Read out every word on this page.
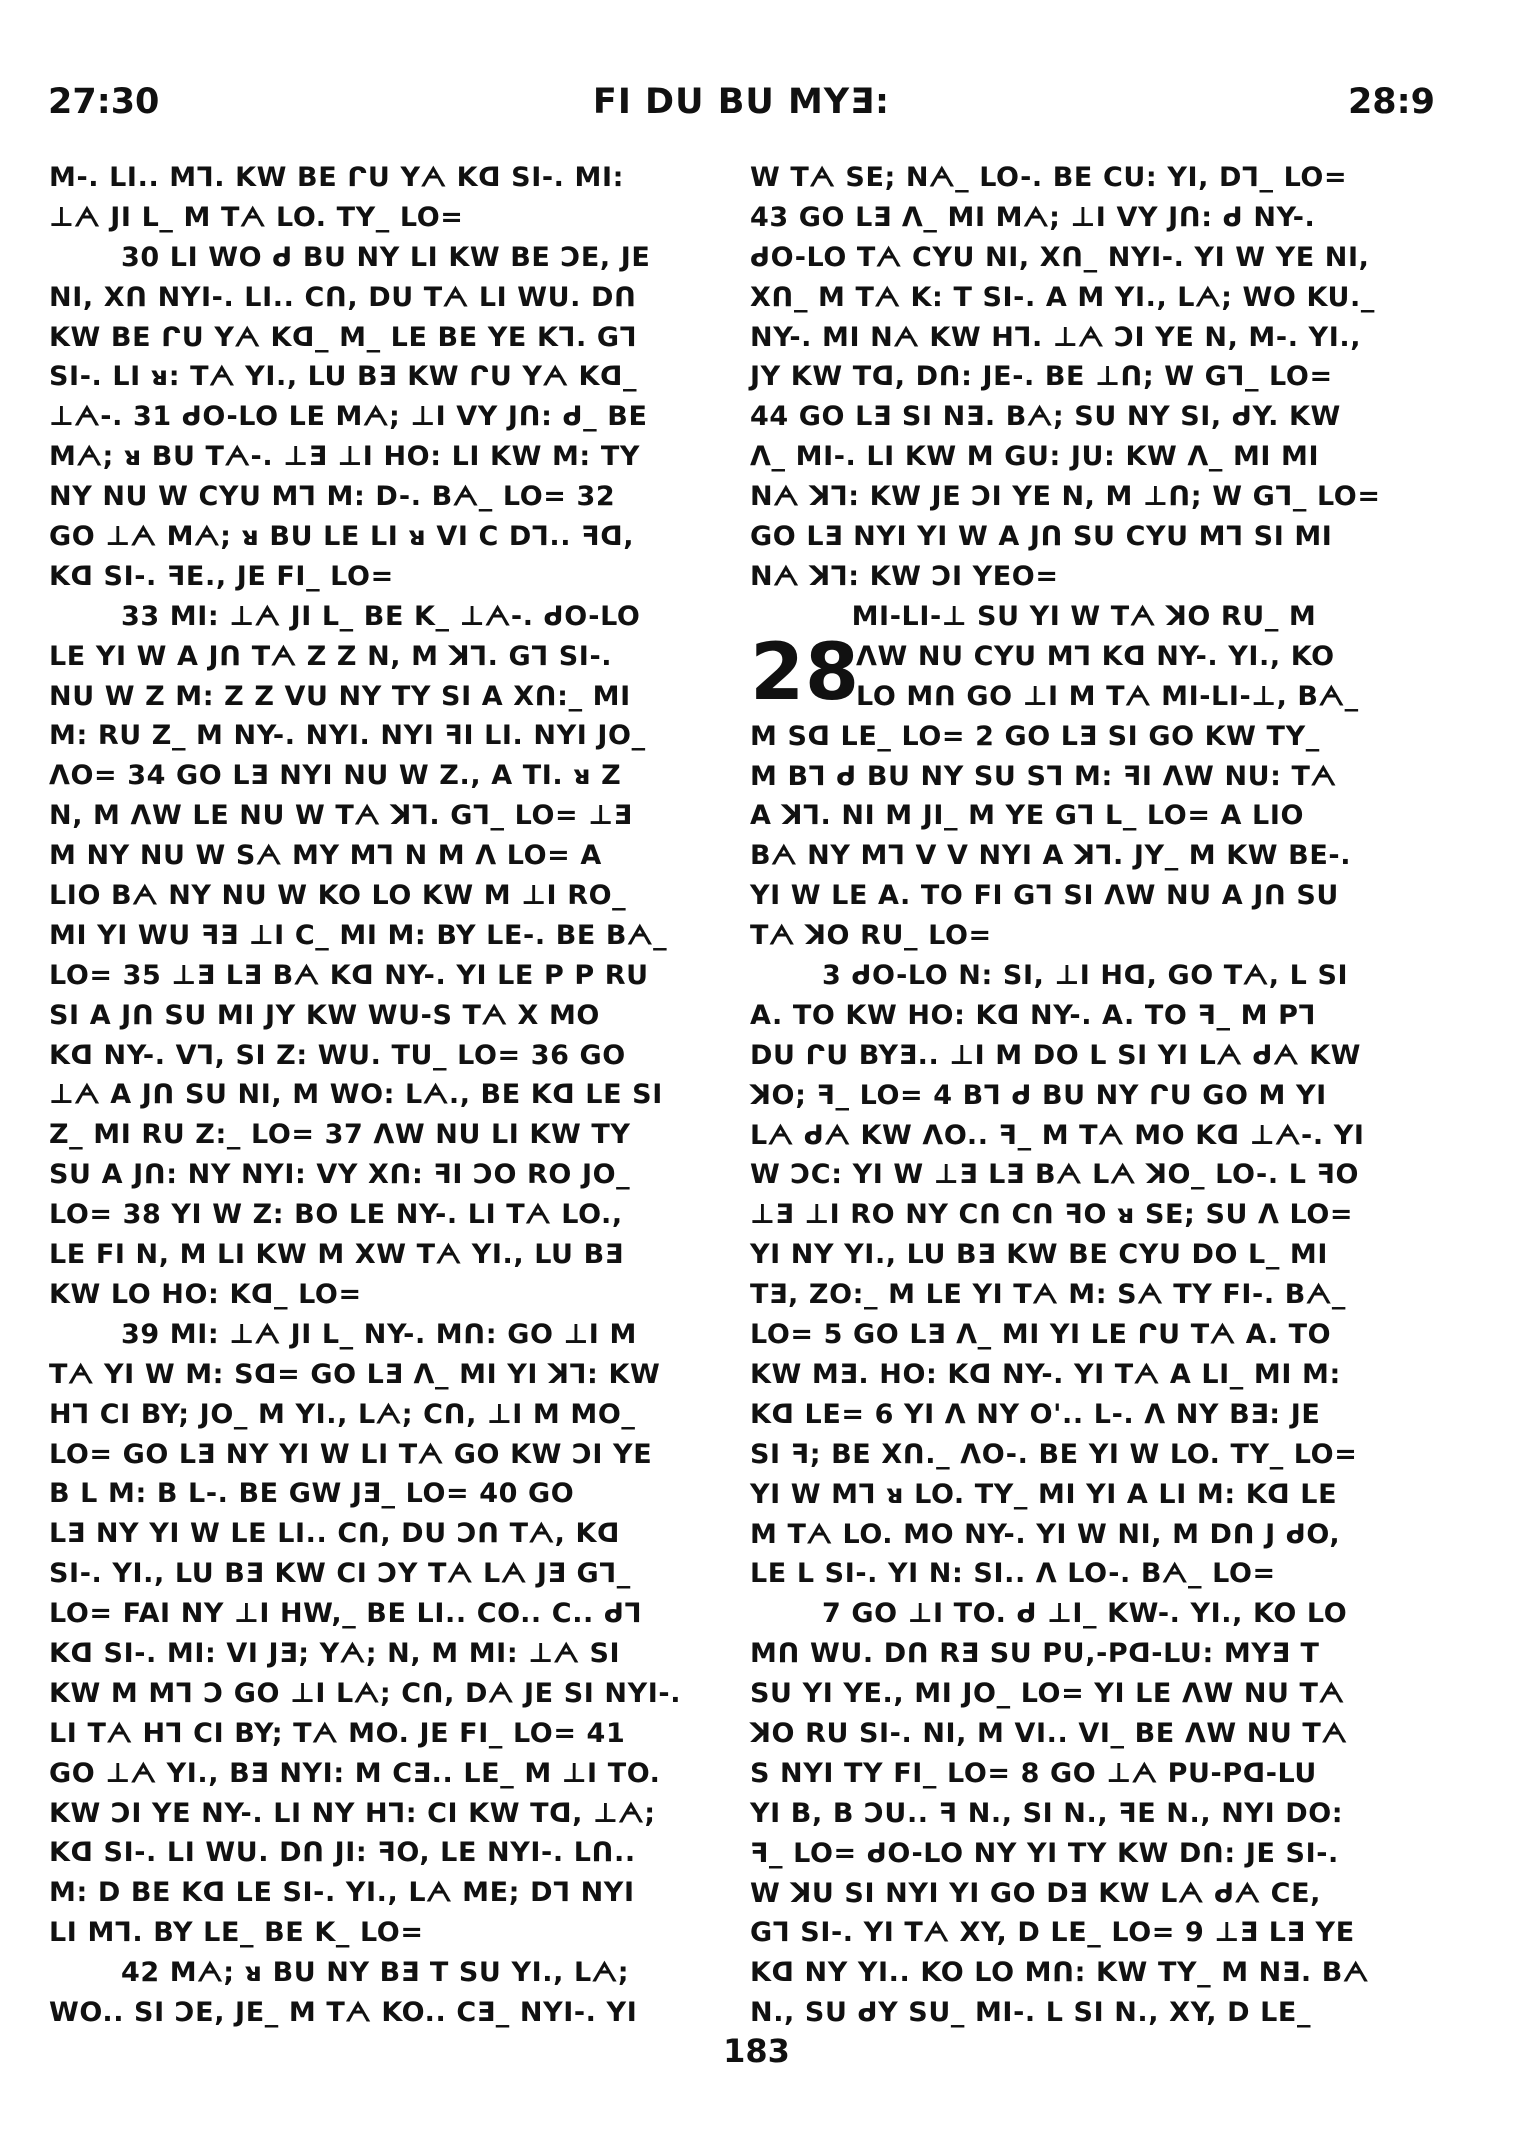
27:30	FI DU BU MYƎ:	28:9
M-. LI.. Mᒣ. KW BE ᒋU Yᗅ Kᗡ SI-. MI:
⊥ᗅ JI L_ M Tᗅ LO. TY_ LO=
30 LI WO ᑯ BU NY LI KW BE ƆE, JE
NI, Xᑎ NYI-. LI.. Cᑎ, DU Tᗅ LI WU. Dᑎ
KW BE ᒋU Yᗅ Kᗡ_ M_ LE BE YE Kᒣ. Gᒣ
SI-. LI ᴚ: Tᗅ YI., LU BƎ KW ᒋU Yᗅ Kᗡ_
⊥ᗅ-. 31 ᑯO-LO LE Mᗅ; ⊥I VY Jᑎ: ᑯ_ BE
Mᗅ; ᴚ BU Tᗅ-. ⊥Ǝ ⊥I HO: LI KW M: TY
NY NU W CYU Mᒣ M: D-. Bᗅ_ LO= 32
GO ⊥ᗅ Mᗅ; ᴚ BU LE LI ᴚ VI C Dᒣ.. ꟻᗡ,
Kᗡ SI-. ꟻE., JE FI_ LO=
33 MI: ⊥ᗅ JI L_ BE K_ ⊥ᗅ-. ᑯO-LO
LE YI W A Jᑎ Tᗅ Z Z N, M ꓘᒣ. Gᒣ SI-.
NU W Z M: Z Z VU NY TY SI A Xᑎ:_ MI
M: RU Z_ M NY-. NYI. NYI ꟻI LI. NYI JO_
ᐱO= 34 GO LƎ NYI NU W Z., A TI. ᴚ Z
N, M ᐱW LE NU W Tᗅ ꓘᒣ. Gᒣ_ LO= ⊥Ǝ
M NY NU W Sᗅ MY Mᒣ N M ᐱ LO= A
LIO Bᗅ NY NU W KO LO KW M ⊥I RO_
MI YI WU ꟻƎ ⊥I C_ MI M: BY LE-. BE Bᗅ_
LO= 35 ⊥Ǝ LƎ Bᗅ Kᗡ NY-. YI LE P P RU
SI A Jᑎ SU MI JY KW WU-S Tᗅ X MO
Kᗡ NY-. Vᒣ, SI Z: WU. TU_ LO= 36 GO
⊥ᗅ A Jᑎ SU NI, M WO: Lᗅ., BE Kᗡ LE SI
Z_ MI RU Z:_ LO= 37 ᐱW NU LI KW TY
SU A Jᑎ: NY NYI: VY Xᑎ: ꟻI ƆO RO JO_
LO= 38 YI W Z: BO LE NY-. LI Tᗅ LO.,
LE FI N, M LI KW M XW Tᗅ YI., LU BƎ
KW LO HO: Kᗡ_ LO=
39 MI: ⊥ᗅ JI L_ NY-. Mᑎ: GO ⊥I M
Tᗅ YI W M: Sᗡ= GO LƎ ᐱ_ MI YI ꓘᒣ: KW
Hᒣ CI BY; JO_ M YI., Lᗅ; Cᑎ, ⊥I M MO_
LO= GO LƎ NY YI W LI Tᗅ GO KW ƆI YE
B L M: B L-. BE GW JƎ_ LO= 40 GO
LƎ NY YI W LE LI.. Cᑎ, DU Ɔᑎ Tᗅ, Kᗡ
SI-. YI., LU BƎ KW CI ƆY Tᗅ Lᗅ JƎ Gᒣ_
LO= FAI NY ⊥I HW,_ BE LI.. CO.. C.. ᑯᒣ
Kᗡ SI-. MI: VI JƎ; Yᗅ; N, M MI: ⊥ᗅ SI
KW M Mᒣ Ɔ GO ⊥I Lᗅ; Cᑎ, Dᗅ JE SI NYI-.
LI Tᗅ Hᒣ CI BY; Tᗅ MO. JE FI_ LO= 41
GO ⊥ᗅ YI., BƎ NYI: M CƎ.. LE_ M ⊥I TO.
KW ƆI YE NY-. LI NY Hᒣ: CI KW Tᗡ, ⊥ᗅ;
Kᗡ SI-. LI WU. Dᑎ JI: ꟻO, LE NYI-. Lᑎ..
M: D BE Kᗡ LE SI-. YI., Lᗅ ME; Dᒣ NYI
LI Mᒣ. BY LE_ BE K_ LO=
42 Mᗅ; ᴚ BU NY BƎ T SU YI., Lᗅ;
WO.. SI ƆE, JE_ M Tᗅ KO.. CƎ_ NYI-. YI
W Tᗅ SE; Nᗅ_ LO-. BE CU: YI, Dᒣ_ LO=
43 GO LƎ ᐱ_ MI Mᗅ; ⊥I VY Jᑎ: ᑯ NY-.
ᑯO-LO Tᗅ CYU NI, Xᑎ_ NYI-. YI W YE NI,
Xᑎ_ M Tᗅ K: T SI-. A M YI., Lᗅ; WO KU._
NY-. MI Nᗅ KW Hᒣ. ⊥ᗅ ƆI YE N, M-. YI.,
JY KW Tᗡ, Dᑎ: JE-. BE ⊥ᑎ; W Gᒣ_ LO=
44 GO LƎ SI NƎ. Bᗅ; SU NY SI, ᑯY. KW
ᐱ_ MI-. LI KW M GU: JU: KW ᐱ_ MI MI
Nᗅ ꓘᒣ: KW JE ƆI YE N, M ⊥ᑎ; W Gᒣ_ LO=
GO LƎ NYI YI W A Jᑎ SU CYU Mᒣ SI MI
Nᗅ ꓘᒣ: KW ƆI YEO=
MI-LI-⊥ SU YI W Tᗅ ꓘO RU_ M
28
ᐱW NU CYU Mᒣ Kᗡ NY-. YI., KO
LO Mᑎ GO ⊥I M Tᗅ MI-LI-⊥, Bᗅ_
M Sᗡ LE_ LO= 2 GO LƎ SI GO KW TY_
M Bᒣ ᑯ BU NY SU Sᒣ M: ꟻI ᐱW NU: Tᗅ
A ꓘᒣ. NI M JI_ M YE Gᒣ L_ LO= A LIO
Bᗅ NY Mᒣ V V NYI A ꓘᒣ. JY_ M KW BE-.
YI W LE A. TO FI Gᒣ SI ᐱW NU A Jᑎ SU
Tᗅ ꓘO RU_ LO=
3 ᑯO-LO N: SI, ⊥I Hᗡ, GO Tᗅ, L SI
A. TO KW HO: Kᗡ NY-. A. TO ꟻ_ M Pᒣ
DU ᒋU BYƎ.. ⊥I M DO L SI YI Lᗅ ᑯᗅ KW
ꓘO; ꟻ_ LO= 4 Bᒣ ᑯ BU NY ᒋU GO M YI
Lᗅ ᑯᗅ KW ᐱO.. ꟻ_ M Tᗅ MO Kᗡ ⊥ᗅ-. YI
W ƆC: YI W ⊥Ǝ LƎ Bᗅ Lᗅ ꓘO_ LO-. L ꟻO
⊥Ǝ ⊥I RO NY Cᑎ Cᑎ ꟻO ᴚ SE; SU ᐱ LO=
YI NY YI., LU BƎ KW BE CYU DO L_ MI
TƎ, ZO:_ M LE YI Tᗅ M: Sᗅ TY FI-. Bᗅ_
LO= 5 GO LƎ ᐱ_ MI YI LE ᒋU Tᗅ A. TO
KW MƎ. HO: Kᗡ NY-. YI Tᗅ A LI_ MI M:
Kᗡ LE= 6 YI ᐱ NY O'.. L-. ᐱ NY BƎ: JE
SI ꟻ; BE Xᑎ._ ᐱO-. BE YI W LO. TY_ LO=
YI W Mᒣ ᴚ LO. TY_ MI YI A LI M: Kᗡ LE
M Tᗅ LO. MO NY-. YI W NI, M Dᑎ J ᑯO,
LE L SI-. YI N: SI.. ᐱ LO-. Bᗅ_ LO=
7 GO ⊥I TO. ᑯ ⊥I_ KW-. YI., KO LO
Mᑎ WU. Dᑎ RƎ SU PU,-Pᗡ-LU: MYƎ T
SU YI YE., MI JO_ LO= YI LE ᐱW NU Tᗅ
ꓘO RU SI-. NI, M VI.. VI_ BE ᐱW NU Tᗅ
S NYI TY FI_ LO= 8 GO ⊥ᗅ PU-Pᗡ-LU
YI B, B ƆU.. ꟻ N., SI N., ꟻE N., NYI DO:
ꟻ_ LO= ᑯO-LO NY YI TY KW Dᑎ: JE SI-.
W ꓘU SI NYI YI GO DƎ KW Lᗅ ᑯᗅ CE,
Gᒣ SI-. YI Tᗅ XY, D LE_ LO= 9 ⊥Ǝ LƎ YE
Kᗡ NY YI.. KO LO Mᑎ: KW TY_ M NƎ. Bᗅ
N., SU ᑯY SU_ MI-. L SI N., XY, D LE_
183
